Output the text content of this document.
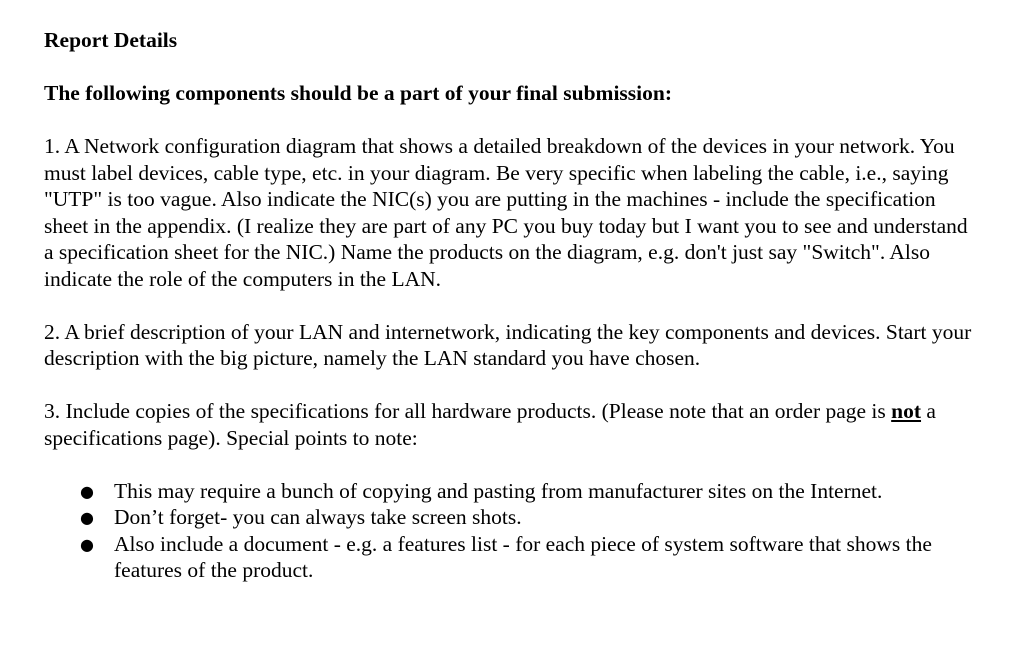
Report Details

The following components should be a part of your final submission:

1. A Network configuration diagram that shows a detailed breakdown of the devices in your network. You must label devices, cable type, etc. in your diagram. Be very specific when labeling the cable, i.e., saying "UTP" is too vague. Also indicate the NIC(s) you are putting in the machines - include the specification sheet in the appendix. (I realize they are part of any PC you buy today but I want you to see and understand a specification sheet for the NIC.) Name the products on the diagram, e.g. don't just say "Switch". Also indicate the role of the computers in the LAN.

2. A brief description of your LAN and internetwork, indicating the key components and devices. Start your description with the big picture, namely the LAN standard you have chosen.

3. Include copies of the specifications for all hardware products. (Please note that an order page is not a specifications page). Special points to note:

● This may require a bunch of copying and pasting from manufacturer sites on the Internet.
● Don’t forget- you can always take screen shots.
● Also include a document - e.g. a features list - for each piece of system software that shows the features of the product.
